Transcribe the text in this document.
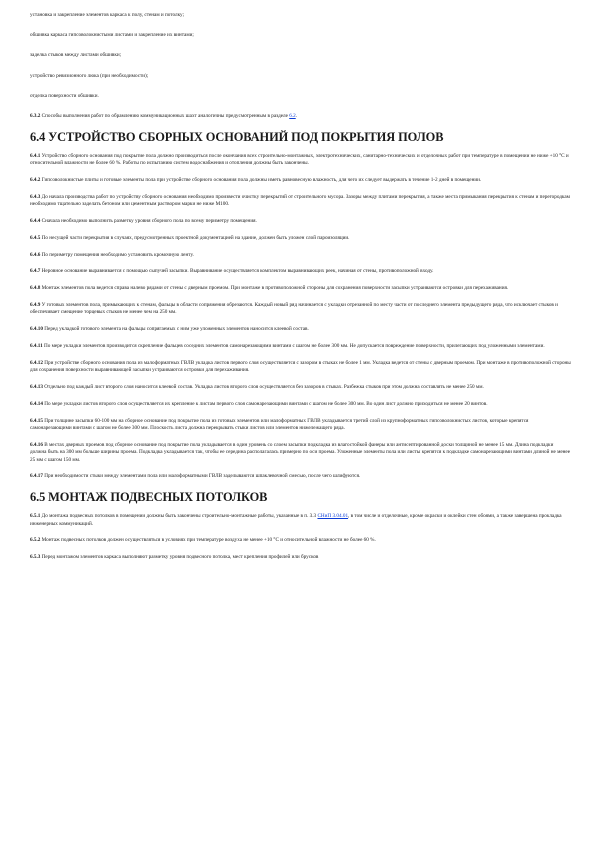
установка и закрепление элементов каркаса к полу, стенам и потолку;

обшивка каркаса гипсоволокнистыми листами и закрепление их винтами;

заделка стыков между листами обшивки;

устройство ревизионного люка (при необходимости);

отделка поверхности обшивки.

6.3.2 Способы выполнения работ по обрамлению коммуникационных шахт аналогичны предусмотренным в разделе 6.2.

6.4 УСТРОЙСТВО СБОРНЫХ ОСНОВАНИЙ ПОД ПОКРЫТИЯ ПОЛОВ

6.4.1 Устройство сборного основания под покрытие пола должно производиться после окончания всех строительно-монтажных, электротехнических, санитарно-технических и отделочных работ при температуре в помещении не ниже +10 °С и относительной влажности не более 60 %. Работы по испытанию систем водоснабжения и отопления должны быть закончены.

6.4.2 Гипсоволокнистые плиты и готовые элементы пола при устройстве сборного основания пола должны иметь равновесную влажность, для чего их следует выдержать в течение 1-2 дней в помещении.

6.4.3 До начала производства работ по устройству сборного основания необходимо произвести очистку перекрытий от строительного мусора. Зазоры между плитами перекрытия, а также места примыкания перекрытия к стенам и перегородкам необходимо тщательно заделать бетоном или цементным раствором марки не ниже М100.

6.4.4 Сначала необходимо выполнить разметку уровня сборного пола по всему периметру помещения.

6.4.5 По несущей части перекрытия в случаях, предусмотренных проектной документацией на здание, должен быть уложен слой пароизоляции.

6.4.6 По периметру помещения необходимо установить кромочную ленту.

6.4.7 Неровное основание выравнивается с помощью сыпучей засыпки. Выравнивание осуществляется комплектом выравнивающих реек, начиная от стены, противоположной входу.

6.4.8 Монтаж элементов пола ведется справа налево рядами от стены с дверным проемом. При монтаже в противоположной стороны для сохранения поверхности засыпки устраиваются островки для перехаживания.

6.4.9 У готовых элементов пола, примыкающих к стенам, фальцы в области сопряжения обрезаются. Каждый новый ряд начинается с укладки отрезанной по месту части от последнего элемента предыдущего ряда, что исключает стыков и обеспечивает смещение торцевых стыков не менее чем на 250 мм.

6.4.10 Перед укладкой готового элемента на фальцы сопрягаемых с ним уже уложенных элементов наносится клеевой состав.

6.4.11 По мере укладки элементов производится скрепление фальцев соседних элементов самонарезающими винтами с шагом не более 300 мм. Не допускается повреждение поверхности, прилегающих под уложенными элементами.

6.4.12 При устройстве сборного основания пола из малоформатных ГВЛВ укладка листов первого слоя осуществляется с зазором в стыках не более 1 мм. Укладка ведется от стены с дверным проемом. При монтаже в противоположной стороны для сохранения поверхности выравнивающей засыпки устраиваются островки для перехаживания.

6.4.13 Отдельно под каждый лист второго слоя наносится клеевой состав. Укладка листов второго слоя осуществляется без зазоров в стыках. Разбежка стыков при этом должна составлять не менее 250 мм.

6.4.14 По мере укладки листов второго слоя осуществляется их крепление к листам первого слоя самонарезающими винтами с шагом не более 300 мм. Во один лист должно приходиться не менее 20 винтов.

6.4.15 При толщине засыпки 60-100 мм на сборное основание под покрытие пола из готовых элементов или малоформатных ГВЛВ укладывается третий слой из крупноформатных гипсоволокнистых листов, которые крепятся самонарезающими винтами с шагом не более 300 мм. Плоскость листа должна перекрывать стыки листов или элементов нижележащего ряда.

6.4.16 В местах дверных проемов под сборное основание под покрытие пола укладывается в один уровень со слоем засыпки подкладка из влагостойкой фанеры или антисептированной доски толщиной не менее 15 мм. Длина подкладки должна быть на 300 мм больше ширины проема. Подкладка укладывается так, чтобы ее середина располагалась примерно по оси проема. Уложенные элементы пола или листы крепятся к подкладке самонарезающими винтами длиной не менее 25 мм с шагом 150 мм.

6.4.17 При необходимости стыки между элементами пола или малоформатными ГВЛВ заделываются шпаклевочной смесью, после чего шлифуются.

6.5 МОНТАЖ ПОДВЕСНЫХ ПОТОЛКОВ

6.5.1 До монтажа подвесных потолков в помещении должны быть закончены строительно-монтажные работы, указанные в п. 3.3 СНиП 3.04.01, в том числе и отделочные, кроме окраски и оклейки стен обоями, а также завершена прокладка инженерных коммуникаций.

6.5.2 Монтаж подвесных потолков должен осуществляться в условиях при температуре воздуха не менее +10 °С и относительной влажности не более 60 %.

6.5.3 Перед монтажом элементов каркаса выполняют разметку уровня подвесного потолка, мест крепления профилей или брусков
